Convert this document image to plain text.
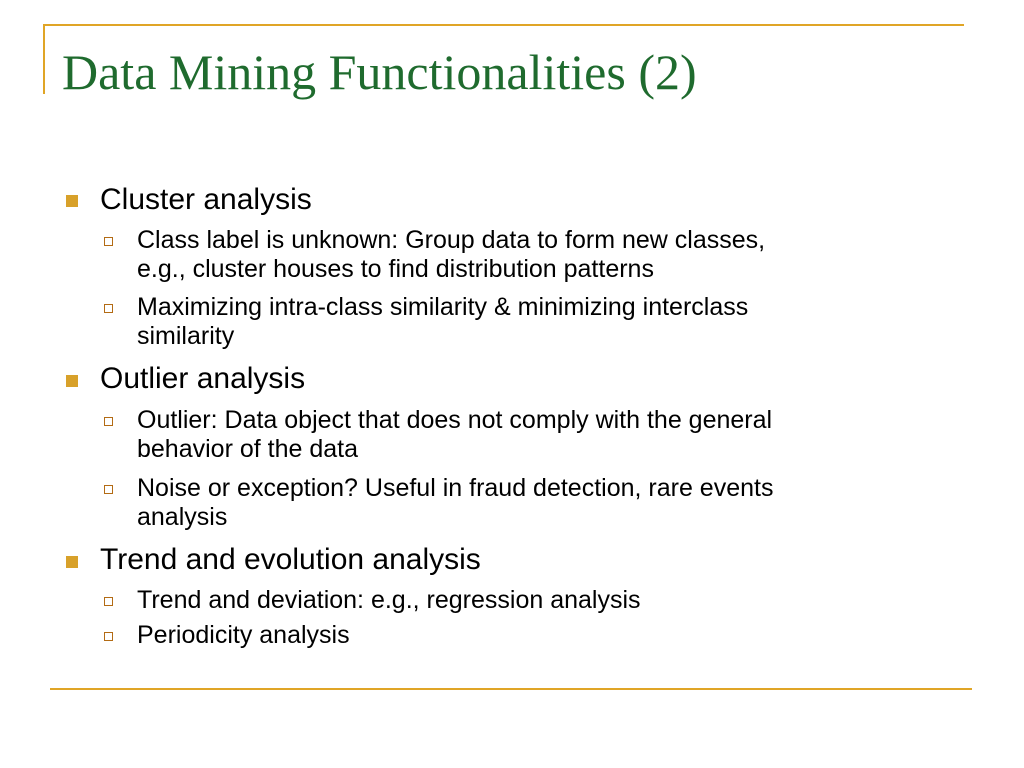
Data Mining Functionalities (2)

Cluster analysis

Class label is unknown: Group data to form new classes,

e.g., cluster houses to find distribution patterns

Maximizing intra-class similarity & minimizing interclass

similarity

Outlier analysis

Outlier: Data object that does not comply with the general

behavior of the data

Noise or exception? Useful in fraud detection, rare events

analysis

Trend and evolution analysis

Trend and deviation: e.g., regression analysis

Periodicity analysis
